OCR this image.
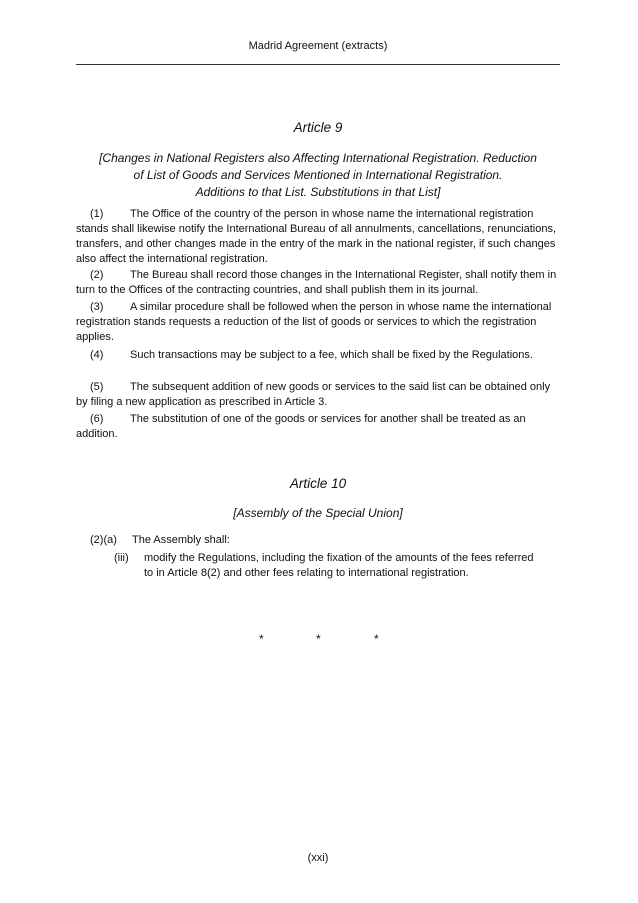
Madrid Agreement (extracts)
Article 9
[Changes in National Registers also Affecting International Registration. Reduction
of List of Goods and Services Mentioned in International Registration.
Additions to that List. Substitutions in that List]
(1) The Office of the country of the person in whose name the international registration stands shall likewise notify the International Bureau of all annulments, cancellations, renunciations, transfers, and other changes made in the entry of the mark in the national register, if such changes also affect the international registration.
(2) The Bureau shall record those changes in the International Register, shall notify them in turn to the Offices of the contracting countries, and shall publish them in its journal.
(3) A similar procedure shall be followed when the person in whose name the international registration stands requests a reduction of the list of goods or services to which the registration applies.
(4) Such transactions may be subject to a fee, which shall be fixed by the Regulations.
(5) The subsequent addition of new goods or services to the said list can be obtained only by filing a new application as prescribed in Article 3.
(6) The substitution of one of the goods or services for another shall be treated as an addition.
Article 10
[Assembly of the Special Union]
(2)(a) The Assembly shall:
(iii) modify the Regulations, including the fixation of the amounts of the fees referred to in Article 8(2) and other fees relating to international registration.
*	*	*
(xxi)
